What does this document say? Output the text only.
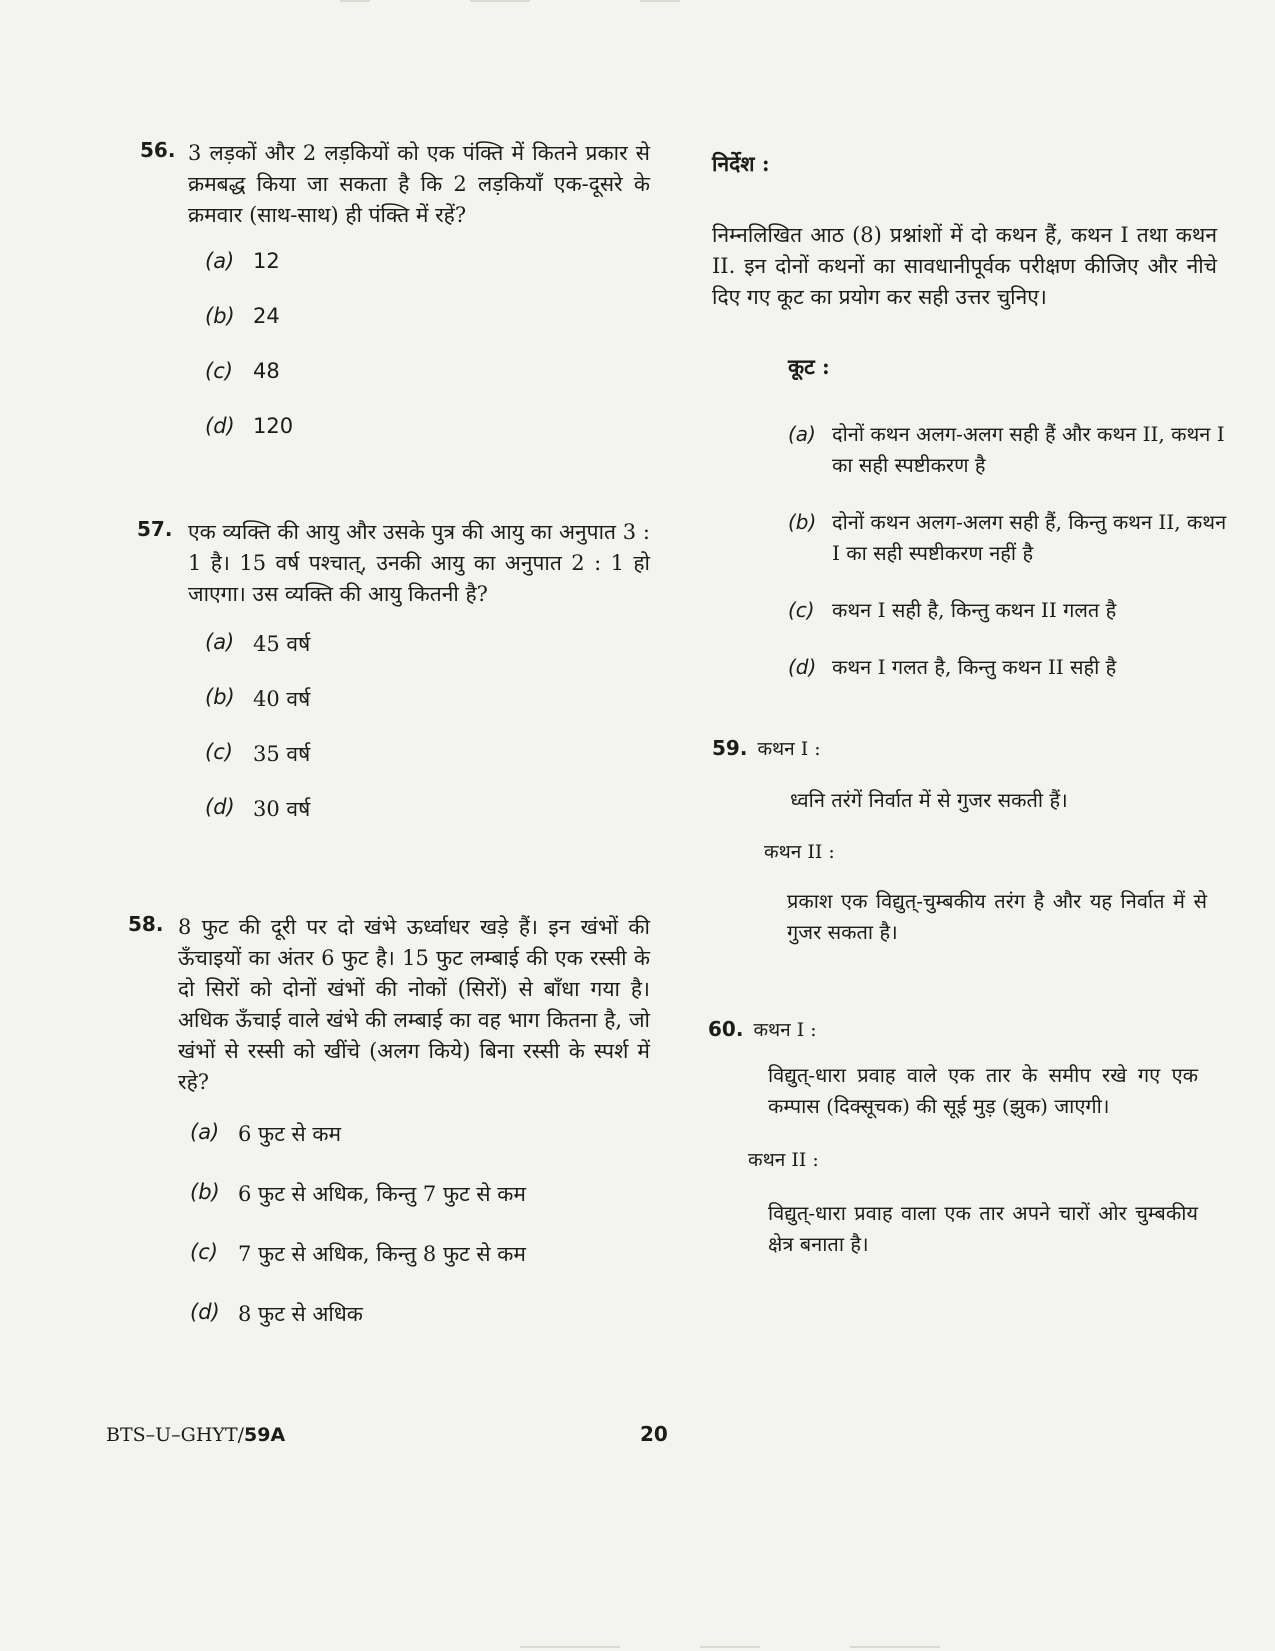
56. 3 लड़कों और 2 लड़कियों को एक पंक्ति में कितने प्रकार से क्रमबद्ध किया जा सकता है कि 2 लड़कियाँ एक-दूसरे के क्रमवार (साथ-साथ) ही पंक्ति में रहें?
(a) 12
(b) 24
(c) 48
(d) 120
57. एक व्यक्ति की आयु और उसके पुत्र की आयु का अनुपात 3 : 1 है। 15 वर्ष पश्चात्, उनकी आयु का अनुपात 2 : 1 हो जाएगा। उस व्यक्ति की आयु कितनी है?
(a) 45 वर्ष
(b) 40 वर्ष
(c) 35 वर्ष
(d) 30 वर्ष
58. 8 फुट की दूरी पर दो खंभे ऊर्ध्वाधर खड़े हैं। इन खंभों की ऊँचाइयों का अंतर 6 फुट है। 15 फुट लम्बाई की एक रस्सी के दो सिरों को दोनों खंभों की नोकों (सिरों) से बाँधा गया है। अधिक ऊँचाई वाले खंभे की लम्बाई का वह भाग कितना है, जो खंभों से रस्सी को खींचे (अलग किये) बिना रस्सी के स्पर्श में रहे?
(a) 6 फुट से कम
(b) 6 फुट से अधिक, किन्तु 7 फुट से कम
(c) 7 फुट से अधिक, किन्तु 8 फुट से कम
(d) 8 फुट से अधिक
निर्देश :
निम्नलिखित आठ (8) प्रश्नांशों में दो कथन हैं, कथन I तथा कथन II. इन दोनों कथनों का सावधानीपूर्वक परीक्षण कीजिए और नीचे दिए गए कूट का प्रयोग कर सही उत्तर चुनिए।
कूट :
(a) दोनों कथन अलग-अलग सही हैं और कथन II, कथन I का सही स्पष्टीकरण है
(b) दोनों कथन अलग-अलग सही हैं, किन्तु कथन II, कथन I का सही स्पष्टीकरण नहीं है
(c) कथन I सही है, किन्तु कथन II गलत है
(d) कथन I गलत है, किन्तु कथन II सही है
59. कथन I :
ध्वनि तरंगें निर्वात में से गुजर सकती हैं।
कथन II :
प्रकाश एक विद्युत्-चुम्बकीय तरंग है और यह निर्वात में से गुजर सकता है।
60. कथन I :
विद्युत्-धारा प्रवाह वाले एक तार के समीप रखे गए एक कम्पास (दिक्सूचक) की सूई मुड़ (झुक) जाएगी।
कथन II :
विद्युत्-धारा प्रवाह वाला एक तार अपने चारों ओर चुम्बकीय क्षेत्र बनाता है।
BTS–U–GHYT/59A	20
